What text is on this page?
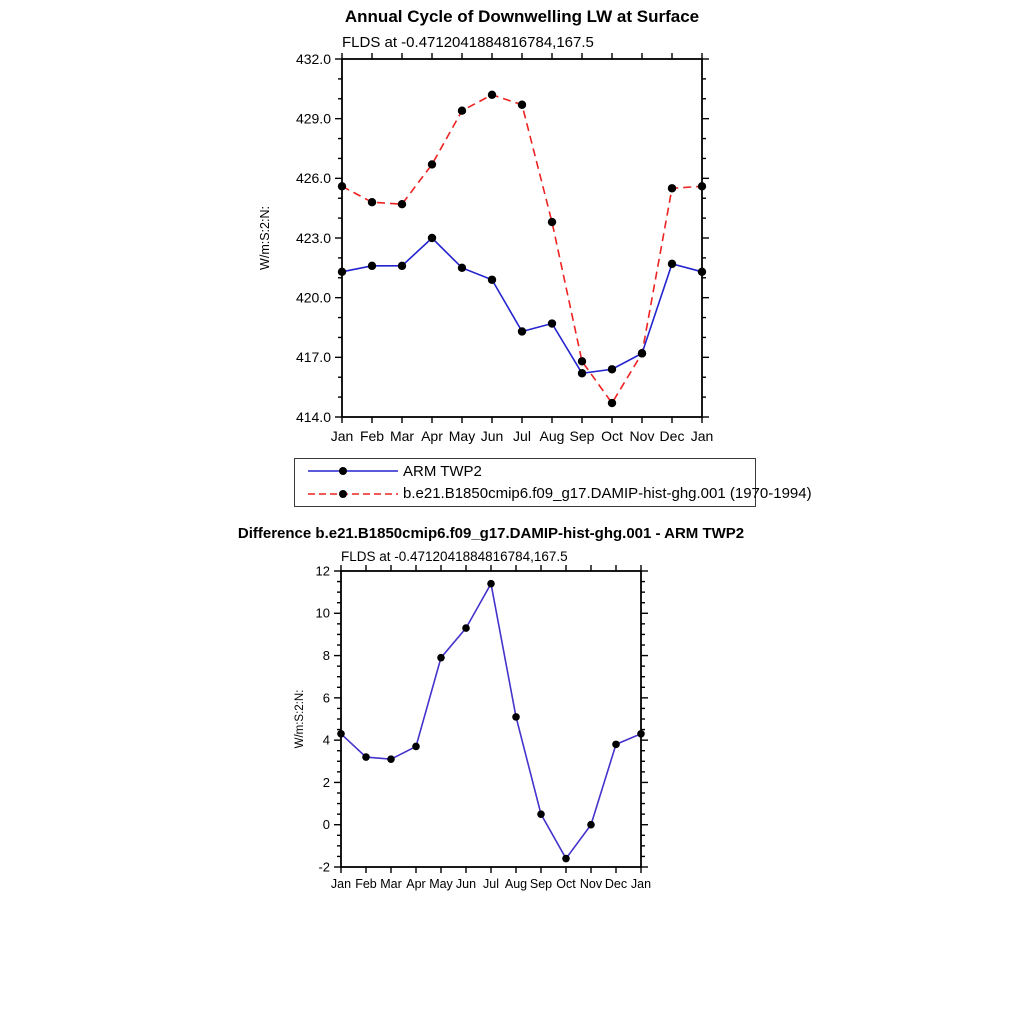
Annual Cycle of Downwelling LW at Surface
FLDS at -0.4712041884816784,167.5
W/m:S:2:N:
414.0
417.0
420.0
423.0
426.0
429.0
432.0
Jan Feb Mar Apr May Jun Jul Aug Sep Oct Nov Dec Jan
ARM TWP2
b.e21.B1850cmip6.f09_g17.DAMIP-hist-ghg.001 (1970-1994)
Difference b.e21.B1850cmip6.f09_g17.DAMIP-hist-ghg.001 - ARM TWP2
FLDS at -0.4712041884816784,167.5
W/m:S:2:N:
-2
0
2
4
6
8
10
12
Jan Feb Mar Apr May Jun Jul Aug Sep Oct Nov Dec Jan
